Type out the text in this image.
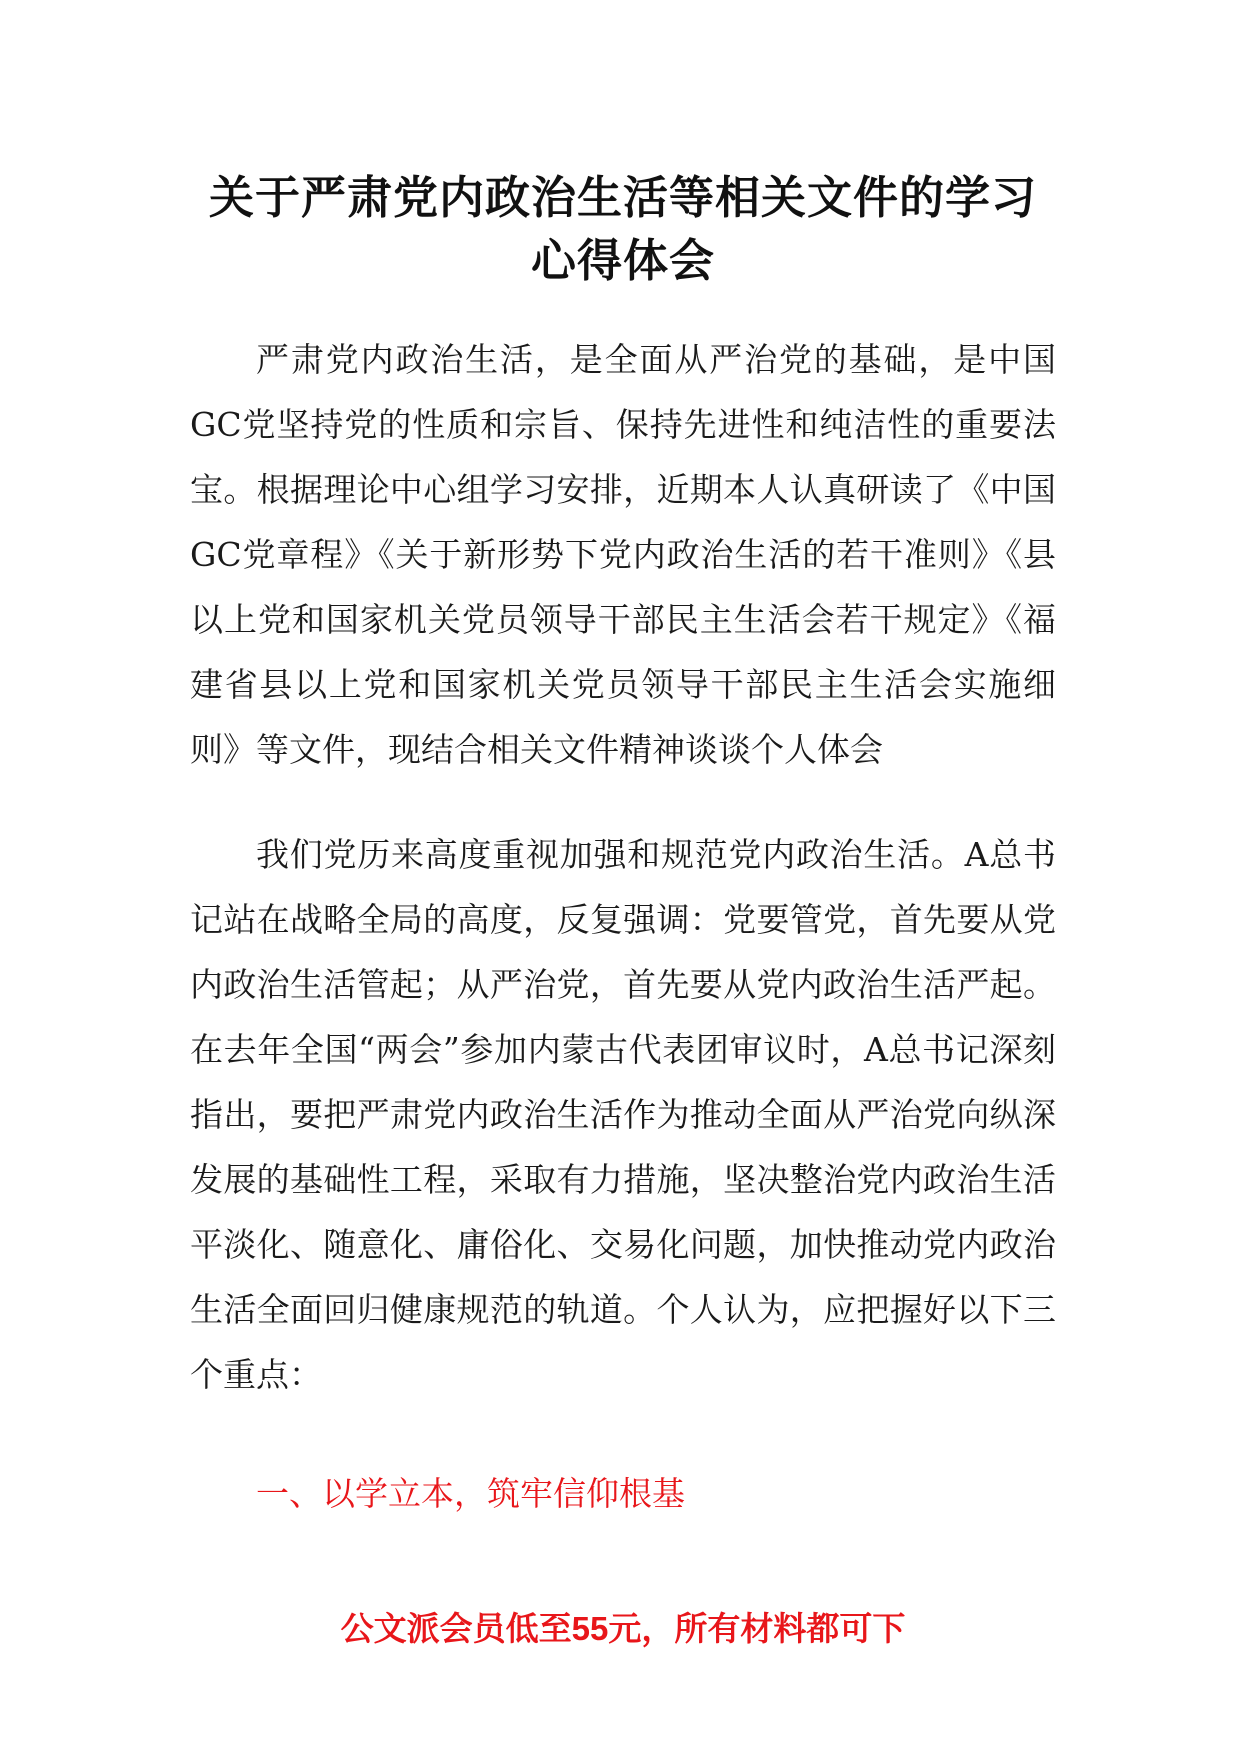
关于严肃党内政治生活等相关文件的学习
心得体会

严肃党内政治生活，是全面从严治党的基础，是中国GC党坚持党的性质和宗旨、保持先进性和纯洁性的重要法宝。根据理论中心组学习安排，近期本人认真研读了《中国GC党章程》《关于新形势下党内政治生活的若干准则》《县以上党和国家机关党员领导干部民主生活会若干规定》《福建省县以上党和国家机关党员领导干部民主生活会实施细则》等文件，现结合相关文件精神谈谈个人体会

我们党历来高度重视加强和规范党内政治生活。A总书记站在战略全局的高度，反复强调：党要管党，首先要从党内政治生活管起；从严治党，首先要从党内政治生活严起。在去年全国“两会”参加内蒙古代表团审议时，A总书记深刻指出，要把严肃党内政治生活作为推动全面从严治党向纵深发展的基础性工程，采取有力措施，坚决整治党内政治生活平淡化、随意化、庸俗化、交易化问题，加快推动党内政治生活全面回归健康规范的轨道。个人认为，应把握好以下三个重点：

一、以学立本，筑牢信仰根基
公文派会员低至55元，所有材料都可下
